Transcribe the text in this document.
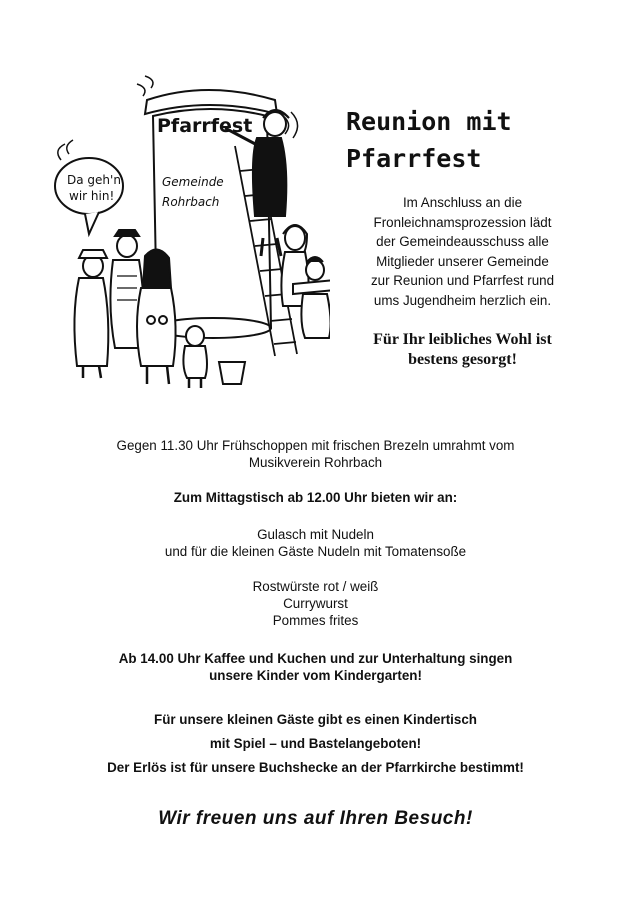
Pfarrfest
Gemeinde
Rohrbach
Da geh'n
wir hin!
Reunion mit
Pfarrfest
Im Anschluss an die
Fronleichnamsprozession lädt
der Gemeindeausschuss alle
Mitglieder unserer Gemeinde
zur Reunion und Pfarrfest rund
ums Jugendheim herzlich ein.
Für Ihr leibliches Wohl ist
bestens gesorgt!
Gegen 11.30 Uhr Frühschoppen mit frischen Brezeln umrahmt vom
Musikverein Rohrbach
Zum Mittagstisch ab 12.00 Uhr bieten wir an:
Gulasch mit Nudeln
und für die kleinen Gäste Nudeln mit Tomatensoße
Rostwürste rot / weiß
Currywurst
Pommes frites
Ab 14.00 Uhr Kaffee und Kuchen und zur Unterhaltung singen
unsere Kinder vom Kindergarten!
Für unsere kleinen Gäste gibt es einen Kindertisch
mit Spiel – und Bastelangeboten!
Der Erlös ist für unsere Buchshecke an der Pfarrkirche bestimmt!
Wir freuen uns auf Ihren Besuch!
